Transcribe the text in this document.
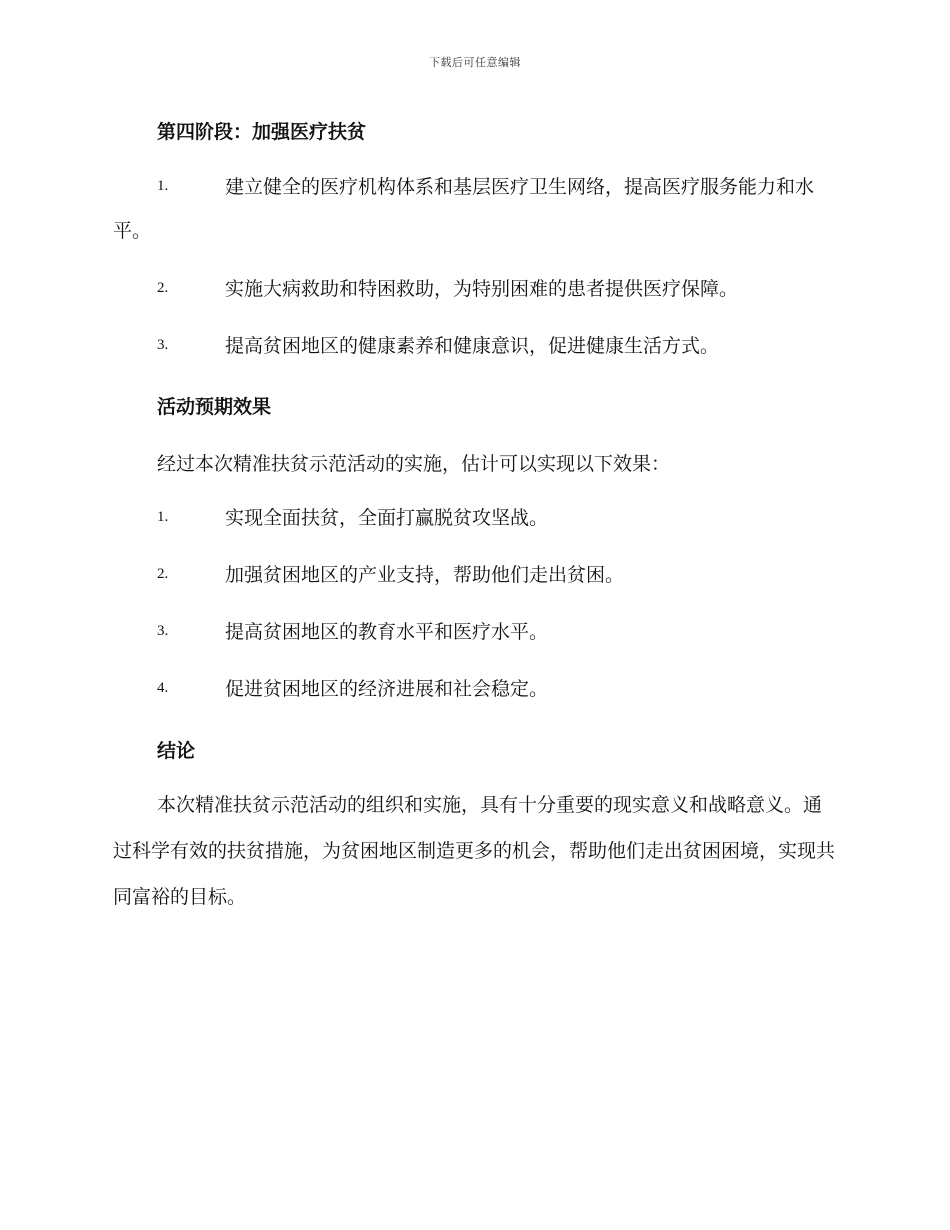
下载后可任意编辑
第四阶段：加强医疗扶贫
1.	建立健全的医疗机构体系和基层医疗卫生网络，提高医疗服务能力和水平。
2.	实施大病救助和特困救助，为特别困难的患者提供医疗保障。
3.	提高贫困地区的健康素养和健康意识，促进健康生活方式。
活动预期效果
经过本次精准扶贫示范活动的实施，估计可以实现以下效果：
1.	实现全面扶贫，全面打赢脱贫攻坚战。
2.	加强贫困地区的产业支持，帮助他们走出贫困。
3.	提高贫困地区的教育水平和医疗水平。
4.	促进贫困地区的经济进展和社会稳定。
结论
本次精准扶贫示范活动的组织和实施，具有十分重要的现实意义和战略意义。通过科学有效的扶贫措施，为贫困地区制造更多的机会，帮助他们走出贫困困境，实现共同富裕的目标。
